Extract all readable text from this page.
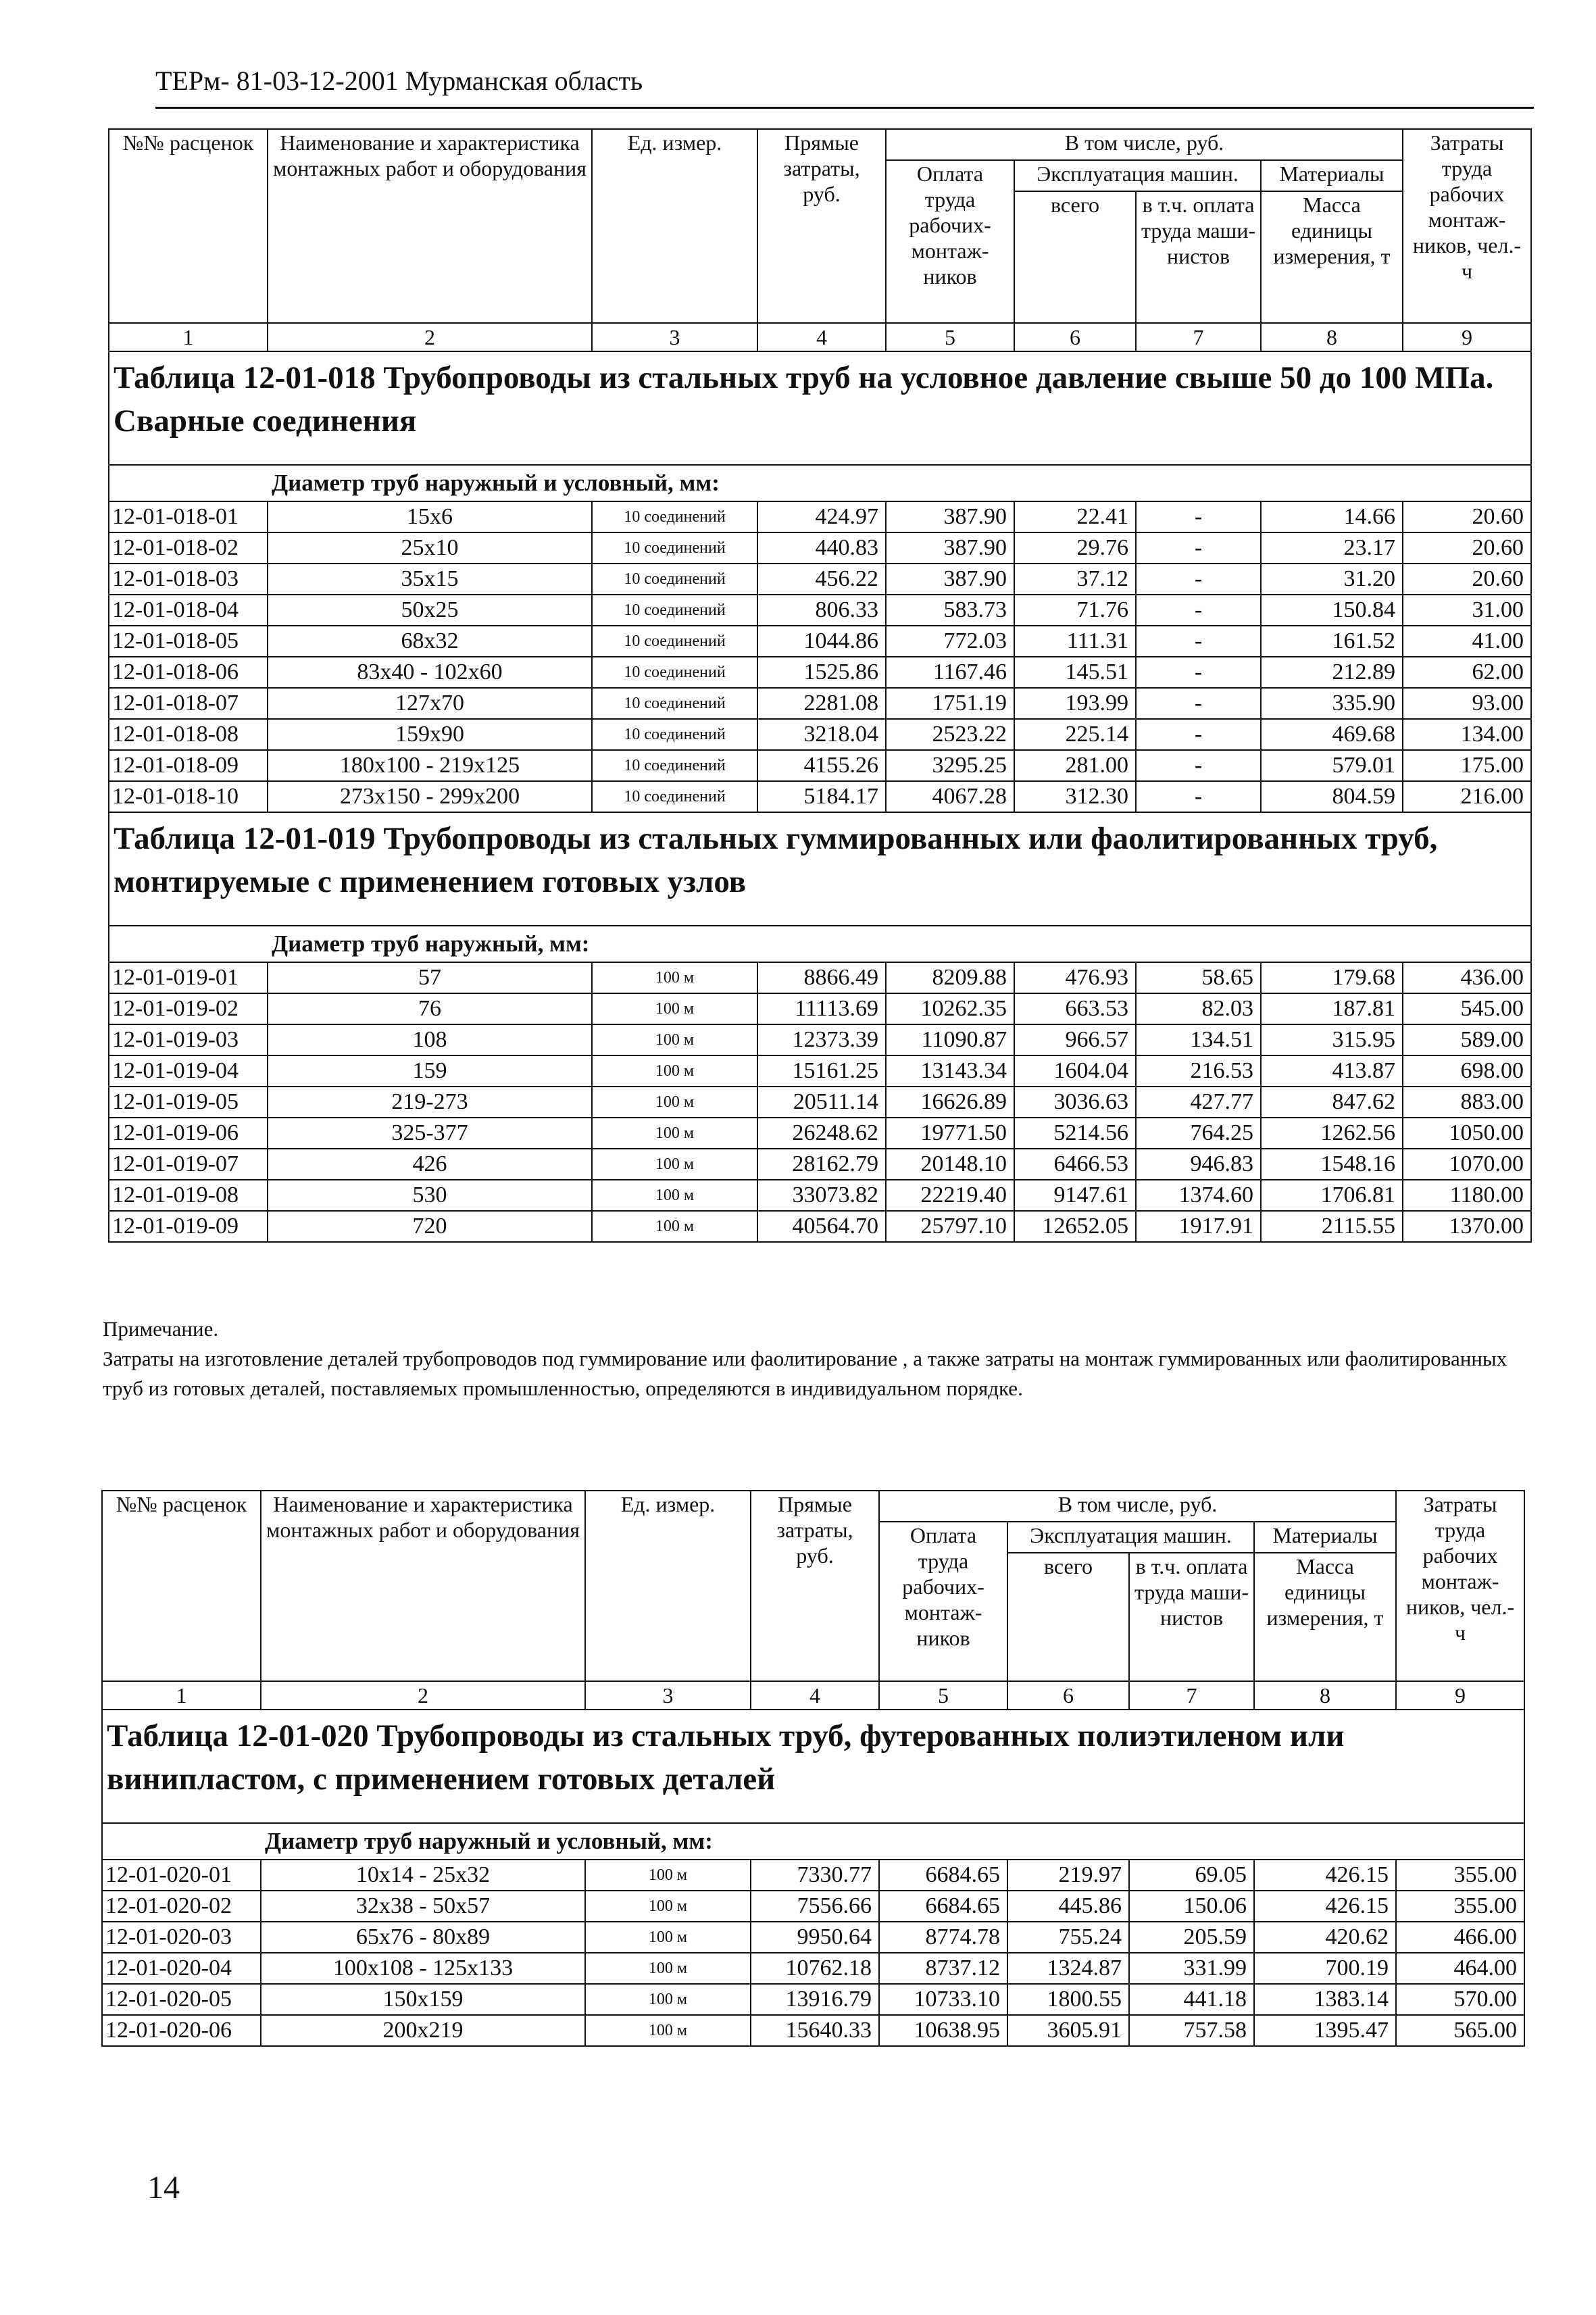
ТЕРм- 81-03-12-2001 Мурманская область
№№ расценок	Наименование и характеристика монтажных работ и оборудования	Ед. измер.	Прямые затраты, руб.	В том числе, руб.				Затраты труда рабочих монтаж-ников, чел.-ч
				Оплата труда рабочих-монтаж-ников	Эксплуатация машин.		Материалы	
					всего	в т.ч. оплата труда маши-нистов	Масса единицы измерения, т	
1	2	3	4	5	6	7	8	9
Таблица 12-01-018 Трубопроводы из стальных труб на условное давление свыше 50 до 100 МПа. Сварные соединения								
Диаметр труб наружный и условный, мм:								
12-01-018-01	15x6	10 соединений	424.97	387.90	22.41	-	14.66	20.60
12-01-018-02	25x10	10 соединений	440.83	387.90	29.76	-	23.17	20.60
12-01-018-03	35x15	10 соединений	456.22	387.90	37.12	-	31.20	20.60
12-01-018-04	50x25	10 соединений	806.33	583.73	71.76	-	150.84	31.00
12-01-018-05	68x32	10 соединений	1044.86	772.03	111.31	-	161.52	41.00
12-01-018-06	83x40 - 102x60	10 соединений	1525.86	1167.46	145.51	-	212.89	62.00
12-01-018-07	127x70	10 соединений	2281.08	1751.19	193.99	-	335.90	93.00
12-01-018-08	159x90	10 соединений	3218.04	2523.22	225.14	-	469.68	134.00
12-01-018-09	180x100 - 219x125	10 соединений	4155.26	3295.25	281.00	-	579.01	175.00
12-01-018-10	273x150 - 299x200	10 соединений	5184.17	4067.28	312.30	-	804.59	216.00
Таблица 12-01-019 Трубопроводы из стальных гуммированных или фаолитированных труб, монтируемые с применением готовых узлов								
Диаметр труб наружный, мм:								
12-01-019-01	57	100 м	8866.49	8209.88	476.93	58.65	179.68	436.00
12-01-019-02	76	100 м	11113.69	10262.35	663.53	82.03	187.81	545.00
12-01-019-03	108	100 м	12373.39	11090.87	966.57	134.51	315.95	589.00
12-01-019-04	159	100 м	15161.25	13143.34	1604.04	216.53	413.87	698.00
12-01-019-05	219-273	100 м	20511.14	16626.89	3036.63	427.77	847.62	883.00
12-01-019-06	325-377	100 м	26248.62	19771.50	5214.56	764.25	1262.56	1050.00
12-01-019-07	426	100 м	28162.79	20148.10	6466.53	946.83	1548.16	1070.00
12-01-019-08	530	100 м	33073.82	22219.40	9147.61	1374.60	1706.81	1180.00
12-01-019-09	720	100 м	40564.70	25797.10	12652.05	1917.91	2115.55	1370.00
Примечание.
Затраты на изготовление деталей трубопроводов под гуммирование или фаолитирование , а также затраты на монтаж гуммированных или фаолитированных труб из готовых деталей, поставляемых промышленностью, определяются в индивидуальном порядке.
№№ расценок	Наименование и характеристика монтажных работ и оборудования	Ед. измер.	Прямые затраты, руб.	В том числе, руб.				Затраты труда рабочих монтаж-ников, чел.-ч
				Оплата труда рабочих-монтаж-ников	Эксплуатация машин.		Материалы	
					всего	в т.ч. оплата труда маши-нистов	Масса единицы измерения, т	
1	2	3	4	5	6	7	8	9
Таблица 12-01-020 Трубопроводы из стальных труб, футерованных полиэтиленом или винипластом, с применением готовых деталей								
Диаметр труб наружный и условный, мм:								
12-01-020-01	10x14 - 25x32	100 м	7330.77	6684.65	219.97	69.05	426.15	355.00
12-01-020-02	32x38 - 50x57	100 м	7556.66	6684.65	445.86	150.06	426.15	355.00
12-01-020-03	65x76 - 80x89	100 м	9950.64	8774.78	755.24	205.59	420.62	466.00
12-01-020-04	100x108 - 125x133	100 м	10762.18	8737.12	1324.87	331.99	700.19	464.00
12-01-020-05	150x159	100 м	13916.79	10733.10	1800.55	441.18	1383.14	570.00
12-01-020-06	200x219	100 м	15640.33	10638.95	3605.91	757.58	1395.47	565.00
14
